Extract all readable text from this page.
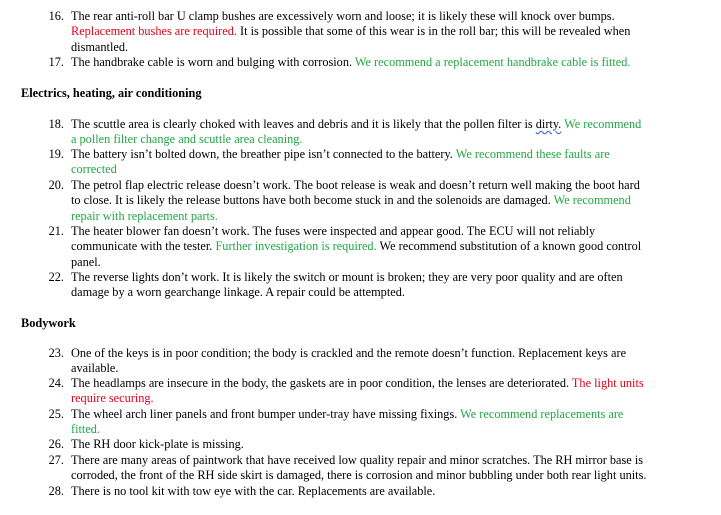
16. The rear anti-roll bar U clamp bushes are excessively worn and loose; it is likely these will knock over bumps.
Replacement bushes are required. It is possible that some of this wear is in the roll bar; this will be revealed when
dismantled.
17. The handbrake cable is worn and bulging with corrosion. We recommend a replacement handbrake cable is fitted.
Electrics, heating, air conditioning
18. The scuttle area is clearly choked with leaves and debris and it is likely that the pollen filter is dirty. We recommend
a pollen filter change and scuttle area cleaning.
19. The battery isn’t bolted down, the breather pipe isn’t connected to the battery. We recommend these faults are
corrected
20. The petrol flap electric release doesn’t work. The boot release is weak and doesn’t return well making the boot hard
to close. It is likely the release buttons have both become stuck in and the solenoids are damaged. We recommend
repair with replacement parts.
21. The heater blower fan doesn’t work. The fuses were inspected and appear good. The ECU will not reliably
communicate with the tester. Further investigation is required. We recommend substitution of a known good control
panel.
22. The reverse lights don’t work. It is likely the switch or mount is broken; they are very poor quality and are often
damage by a worn gearchange linkage. A repair could be attempted.
Bodywork
23. One of the keys is in poor condition; the body is crackled and the remote doesn’t function. Replacement keys are
available.
24. The headlamps are insecure in the body, the gaskets are in poor condition, the lenses are deteriorated. The light units
require securing.
25. The wheel arch liner panels and front bumper under-tray have missing fixings. We recommend replacements are
fitted.
26. The RH door kick-plate is missing.
27. There are many areas of paintwork that have received low quality repair and minor scratches. The RH mirror base is
corroded, the front of the RH side skirt is damaged, there is corrosion and minor bubbling under both rear light units.
28. There is no tool kit with tow eye with the car. Replacements are available.
